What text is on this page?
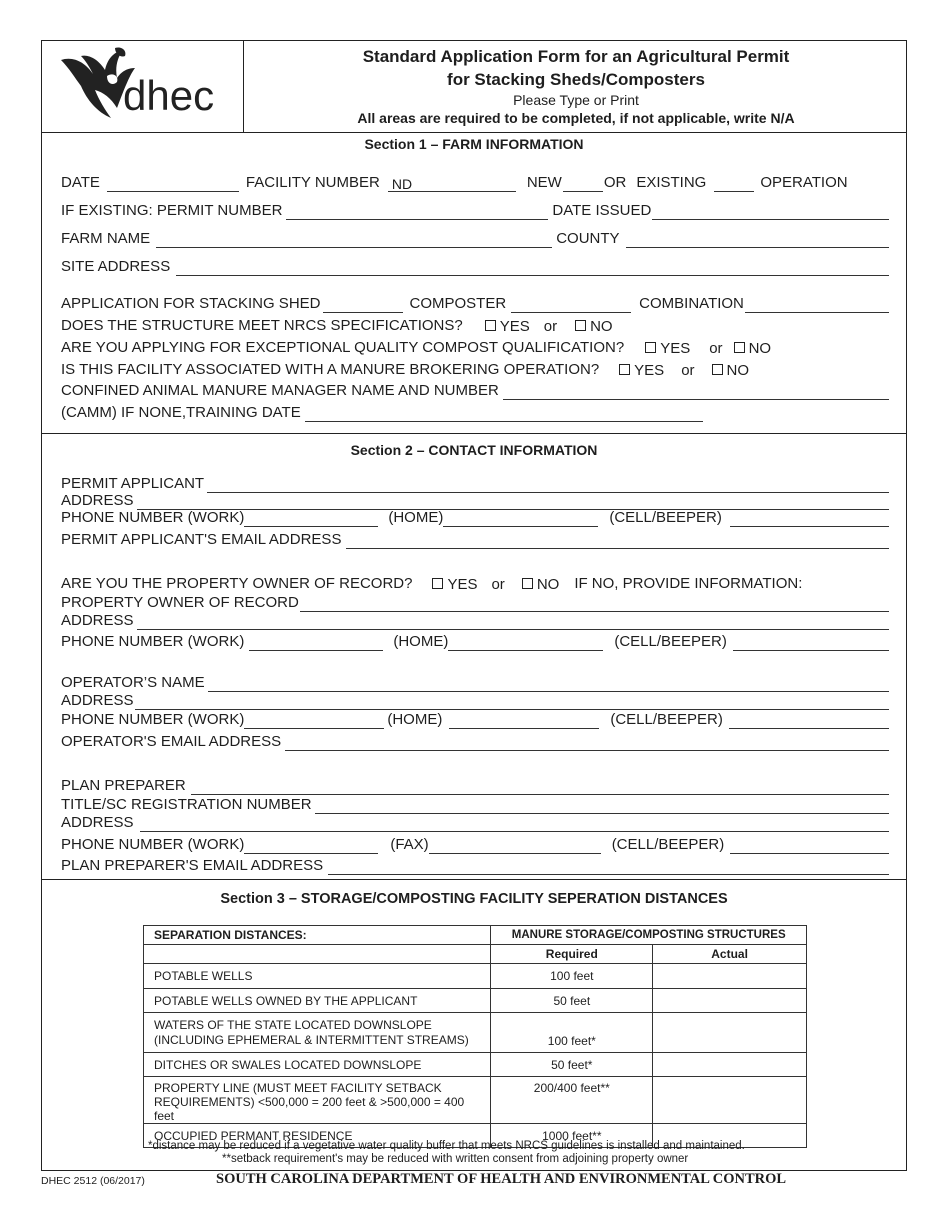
dhec
Standard Application Form for an Agricultural Permit
for Stacking Sheds/Composters
Please Type or Print
All areas are required to be completed, if not applicable, write N/A
Section 1 – FARM INFORMATION
DATE	FACILITY NUMBER ND	NEW	OR EXISTING	OPERATION
IF EXISTING: PERMIT NUMBER	DATE ISSUED
FARM NAME	COUNTY
SITE ADDRESS
APPLICATION FOR STACKING SHED	COMPOSTER	COMBINATION
DOES THE STRUCTURE MEET NRCS SPECIFICATIONS? YES or NO
ARE YOU APPLYING FOR EXCEPTIONAL QUALITY COMPOST QUALIFICATION? YES or NO
IS THIS FACILITY ASSOCIATED WITH A MANURE BROKERING OPERATION? YES or NO
CONFINED ANIMAL MANURE MANAGER NAME AND NUMBER
(CAMM) IF NONE,TRAINING DATE
Section 2 – CONTACT INFORMATION
PERMIT APPLICANT
ADDRESS
PHONE NUMBER (WORK)	(HOME)	(CELL/BEEPER)
PERMIT APPLICANT'S EMAIL ADDRESS
ARE YOU THE PROPERTY OWNER OF RECORD? YES or NO IF NO, PROVIDE INFORMATION:
PROPERTY OWNER OF RECORD
ADDRESS
PHONE NUMBER (WORK)	(HOME)	(CELL/BEEPER)
OPERATOR’S NAME
ADDRESS
PHONE NUMBER (WORK)	(HOME)	(CELL/BEEPER)
OPERATOR'S EMAIL ADDRESS
PLAN PREPARER
TITLE/SC REGISTRATION NUMBER
ADDRESS
PHONE NUMBER (WORK)	(FAX)	(CELL/BEEPER)
PLAN PREPARER'S EMAIL ADDRESS
Section 3 – STORAGE/COMPOSTING FACILITY SEPERATION DISTANCES
SEPARATION DISTANCES:	MANURE STORAGE/COMPOSTING STRUCTURES	
	Required	Actual
POTABLE WELLS	100 feet	
POTABLE WELLS OWNED BY THE APPLICANT	50 feet	
WATERS OF THE STATE LOCATED DOWNSLOPE
(INCLUDING EPHEMERAL & INTERMITTENT STREAMS)	100 feet*	
DITCHES OR SWALES LOCATED DOWNSLOPE	50 feet*	
PROPERTY LINE (MUST MEET FACILITY SETBACK
REQUIREMENTS) <500,000 = 200 feet & >500,000 = 400 feet	200/400 feet**	
OCCUPIED PERMANT RESIDENCE	1000 feet**	
*distance may be reduced if a vegetative water quality buffer that meets NRCS guidelines is installed and maintained.
**setback requirement's may be reduced with written consent from adjoining property owner
DHEC 2512 (06/2017)	SOUTH CAROLINA DEPARTMENT OF HEALTH AND ENVIRONMENTAL CONTROL
